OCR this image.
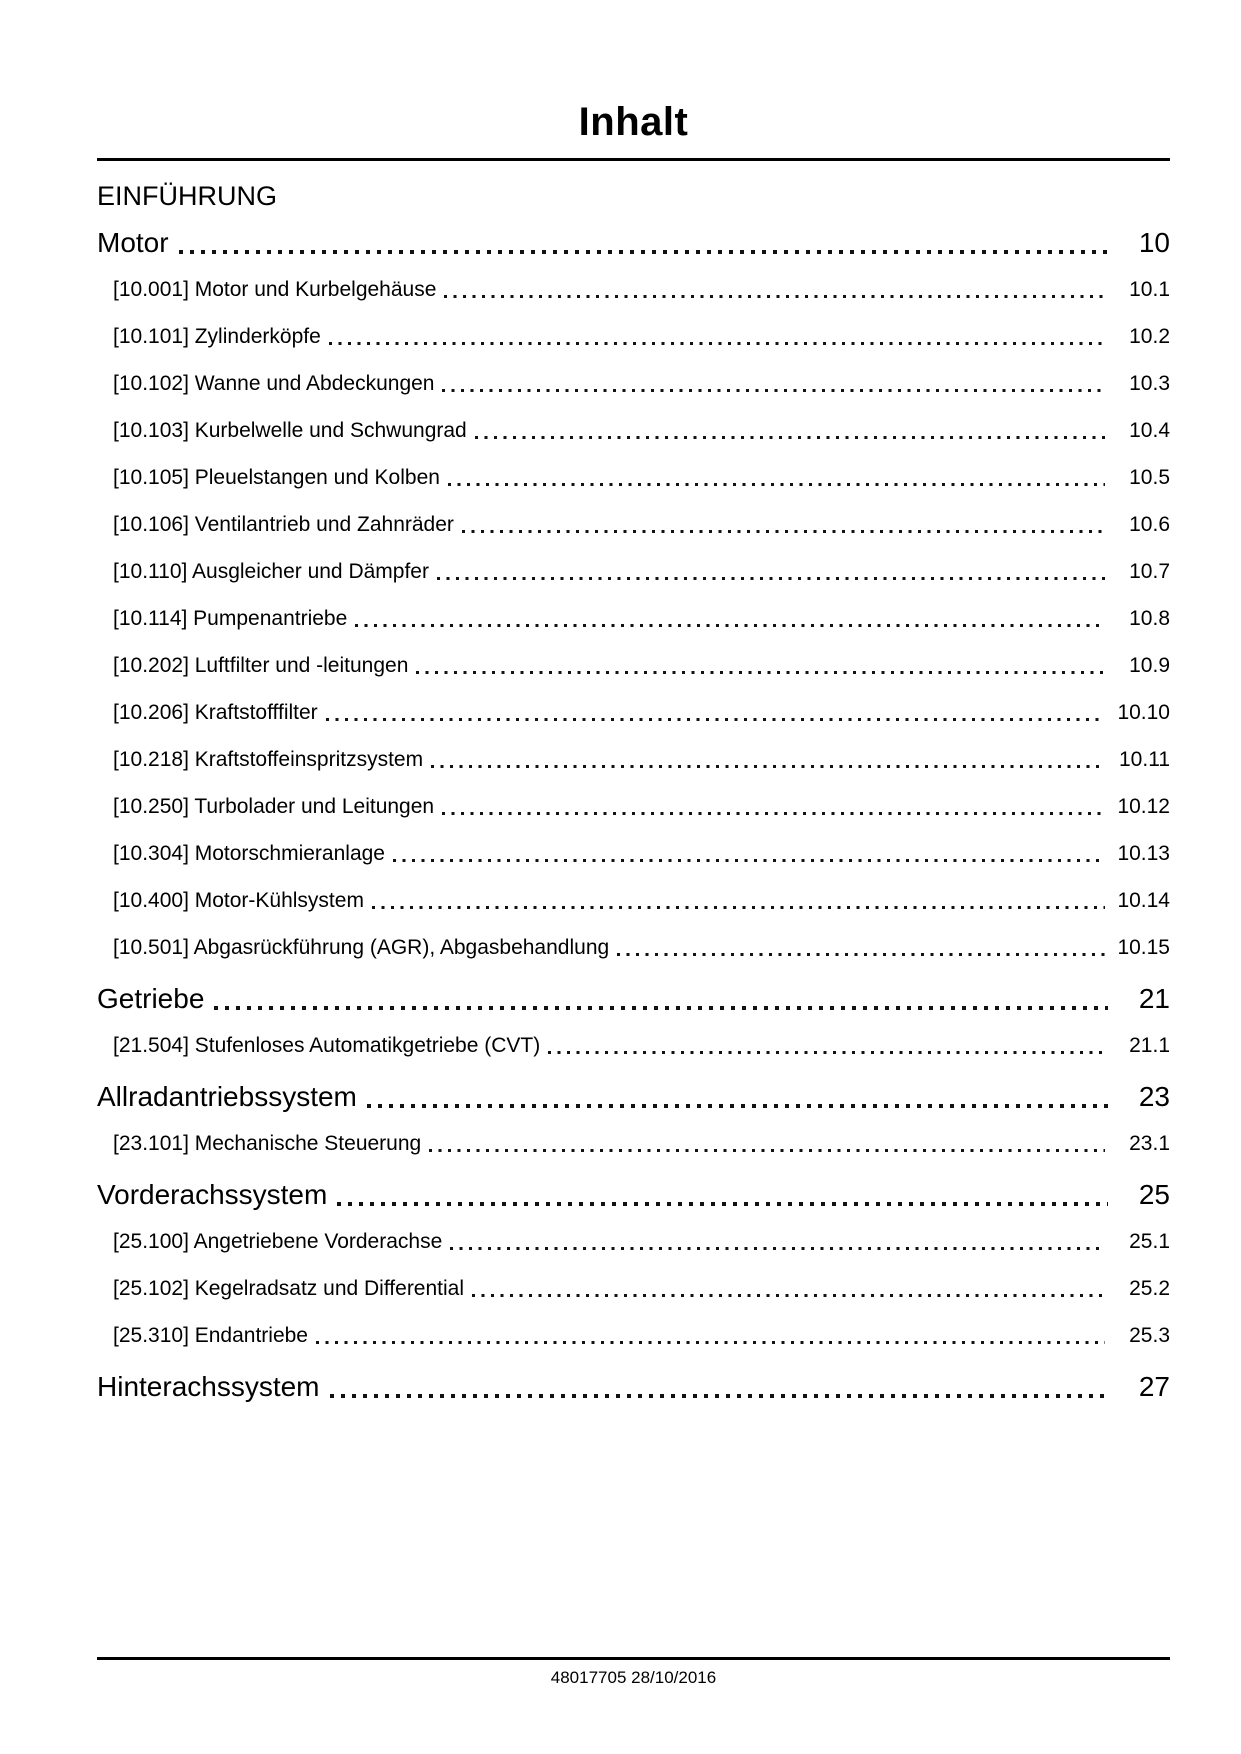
Inhalt
EINFÜHRUNG
Motor	10
[10.001] Motor und Kurbelgehäuse	10.1
[10.101] Zylinderköpfe	10.2
[10.102] Wanne und Abdeckungen	10.3
[10.103] Kurbelwelle und Schwungrad	10.4
[10.105] Pleuelstangen und Kolben	10.5
[10.106] Ventilantrieb und Zahnräder	10.6
[10.110] Ausgleicher und Dämpfer	10.7
[10.114] Pumpenantriebe	10.8
[10.202] Luftfilter und -leitungen	10.9
[10.206] Kraftstofffilter	10.10
[10.218] Kraftstoffeinspritzsystem	10.11
[10.250] Turbolader und Leitungen	10.12
[10.304] Motorschmieranlage	10.13
[10.400] Motor-Kühlsystem	10.14
[10.501] Abgasrückführung (AGR), Abgasbehandlung	10.15
Getriebe	21
[21.504] Stufenloses Automatikgetriebe (CVT)	21.1
Allradantriebssystem	23
[23.101] Mechanische Steuerung	23.1
Vorderachssystem	25
[25.100] Angetriebene Vorderachse	25.1
[25.102] Kegelradsatz und Differential	25.2
[25.310] Endantriebe	25.3
Hinterachssystem	27
48017705 28/10/2016
